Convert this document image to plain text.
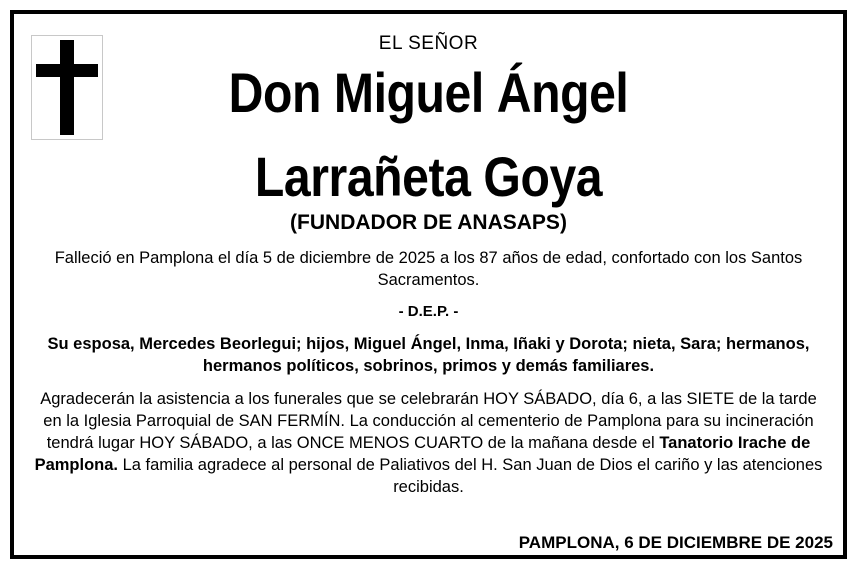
EL SEÑOR
Don Miguel Ángel
Larrañeta Goya
(FUNDADOR DE ANASAPS)
Falleció en Pamplona el día 5 de diciembre de 2025 a los 87 años de edad, confortado con los Santos Sacramentos.
- D.E.P. -
Su esposa, Mercedes Beorlegui; hijos, Miguel Ángel, Inma, Iñaki y Dorota; nieta, Sara; hermanos, hermanos políticos, sobrinos, primos y demás familiares.
Agradecerán la asistencia a los funerales que se celebrarán HOY SÁBADO, día 6, a las SIETE de la tarde en la Iglesia Parroquial de SAN FERMÍN. La conducción al cementerio de Pamplona para su incineración tendrá lugar HOY SÁBADO, a las ONCE MENOS CUARTO de la mañana desde el Tanatorio Irache de Pamplona. La familia agradece al personal de Paliativos del H. San Juan de Dios el cariño y las atenciones recibidas.
PAMPLONA, 6 DE DICIEMBRE DE 2025
